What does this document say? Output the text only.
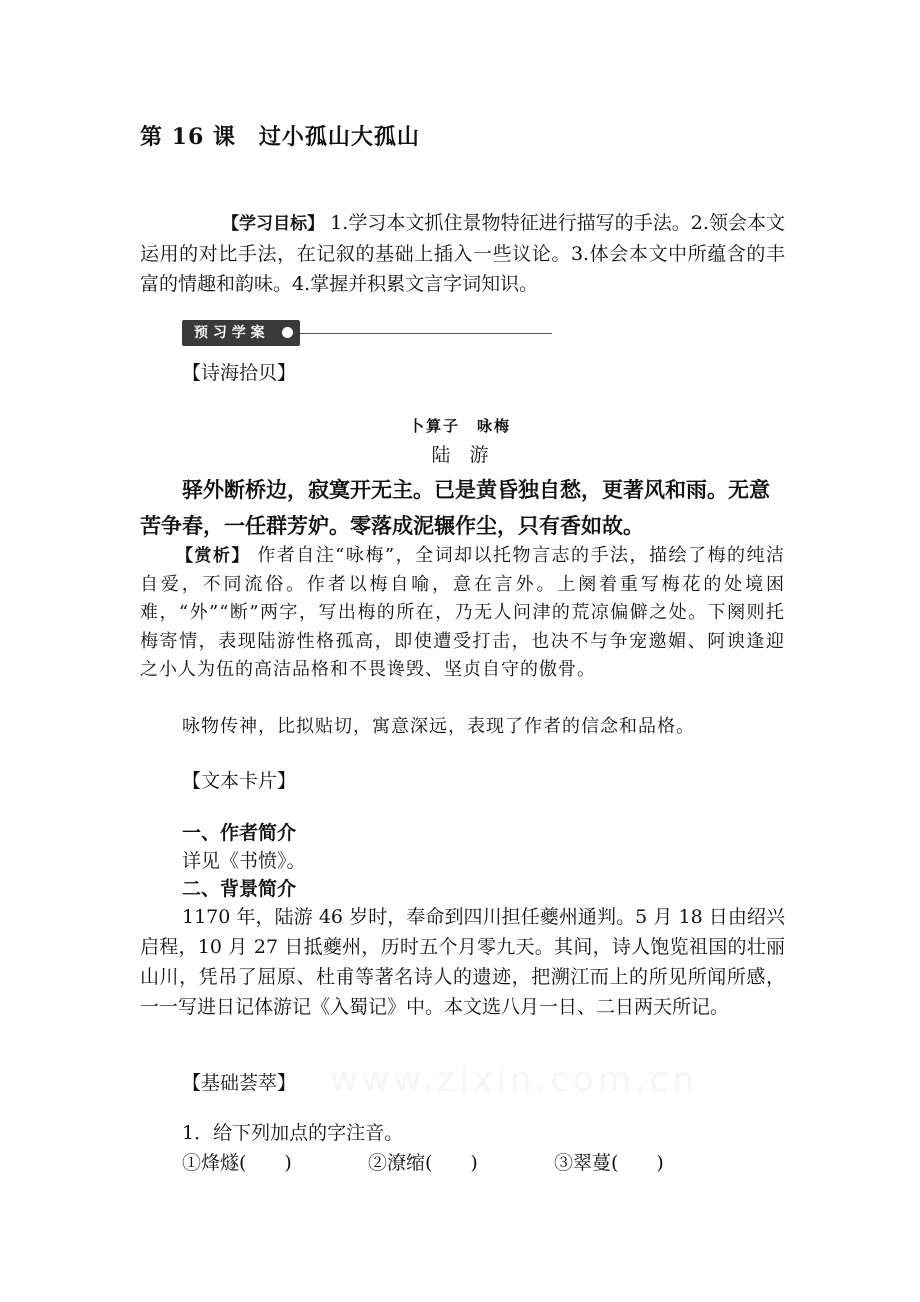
第 16 课　过小孤山大孤山
【学习目标】 1.学习本文抓住景物特征进行描写的手法。2.领会本文运用的对比手法，在记叙的基础上插入一些议论。3.体会本文中所蕴含的丰富的情趣和韵味。4.掌握并积累文言字词知识。
预 习 学 案
【诗海拾贝】
卜算子　咏梅
陆　游
驿外断桥边，寂寞开无主。已是黄昏独自愁，更著风和雨。无意
苦争春，一任群芳妒。零落成泥辗作尘，只有香如故。
【赏析】 作者自注“咏梅”，全词却以托物言志的手法，描绘了梅的纯洁自爱，不同流俗。作者以梅自喻，意在言外。上阕着重写梅花的处境困难，“外”“断”两字，写出梅的所在，乃无人问津的荒凉偏僻之处。下阕则托梅寄情，表现陆游性格孤高，即使遭受打击，也决不与争宠邀媚、阿谀逢迎之小人为伍的高洁品格和不畏谗毁、坚贞自守的傲骨。
咏物传神，比拟贴切，寓意深远，表现了作者的信念和品格。
【文本卡片】
一、作者简介
详见《书愤》。
二、背景简介
1170 年，陆游 46 岁时，奉命到四川担任夔州通判。5 月 18 日由绍兴启程，10 月 27 日抵夔州，历时五个月零九天。其间，诗人饱览祖国的壮丽山川，凭吊了屈原、杜甫等著名诗人的遗迹，把溯江而上的所见所闻所感，一一写进日记体游记《入蜀记》中。本文选八月一日、二日两天所记。
【基础荟萃】
1．给下列加点的字注音。
①烽燧(　　)	②潦缩(　　)	③翠蔓(　　)
